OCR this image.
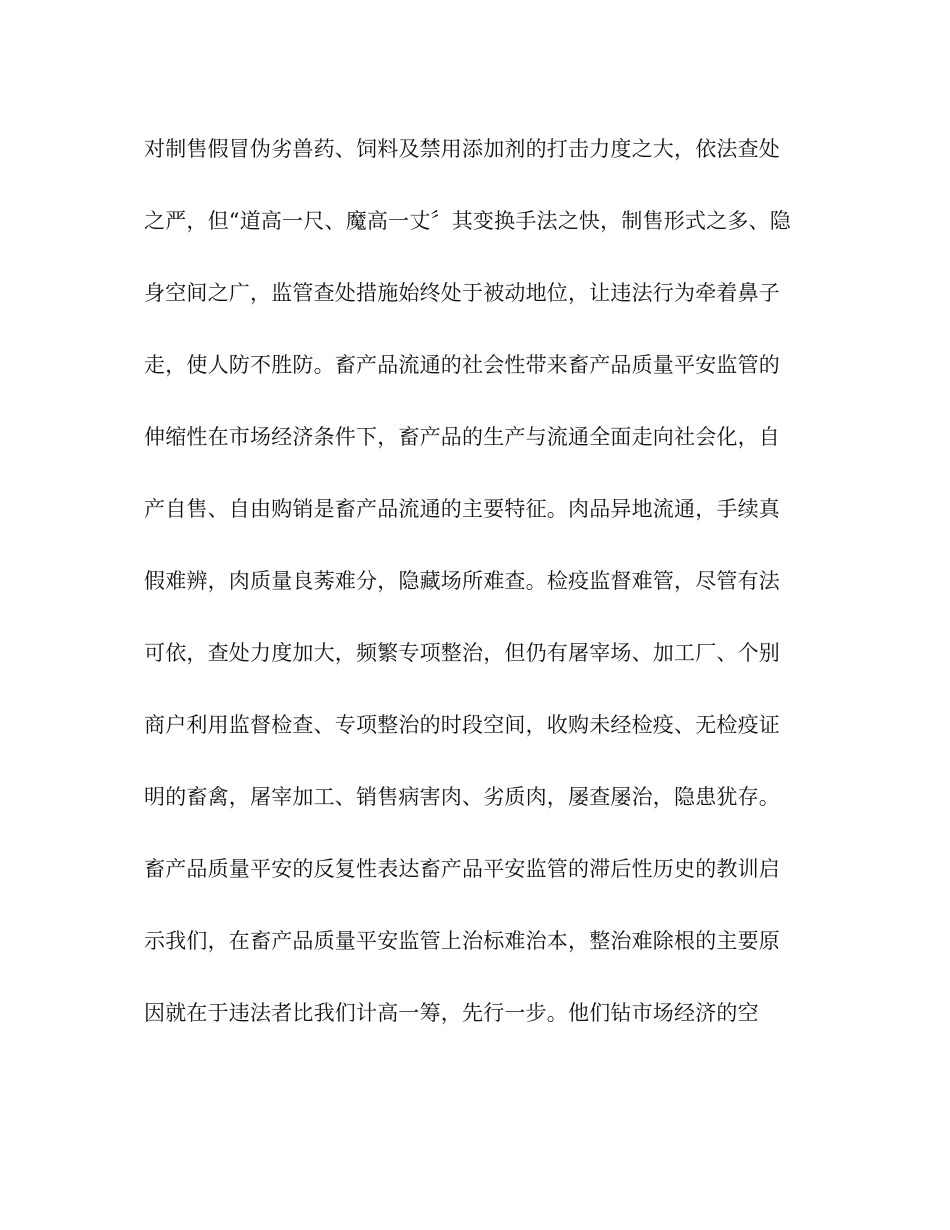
对制售假冒伪劣兽药、饲料及禁用添加剂的打击力度之大，依法查处
之严，但“道高一尺、魔高一丈〞其变换手法之快，制售形式之多、隐
身空间之广，监管查处措施始终处于被动地位，让违法行为牵着鼻子
走，使人防不胜防。畜产品流通的社会性带来畜产品质量平安监管的
伸缩性在市场经济条件下，畜产品的生产与流通全面走向社会化，自
产自售、自由购销是畜产品流通的主要特征。肉品异地流通，手续真
假难辨，肉质量良莠难分，隐藏场所难查。检疫监督难管，尽管有法
可依，查处力度加大，频繁专项整治，但仍有屠宰场、加工厂、个别
商户利用监督检查、专项整治的时段空间，收购未经检疫、无检疫证
明的畜禽，屠宰加工、销售病害肉、劣质肉，屡查屡治，隐患犹存。
畜产品质量平安的反复性表达畜产品平安监管的滞后性历史的教训启
示我们，在畜产品质量平安监管上治标难治本，整治难除根的主要原
因就在于违法者比我们计高一筹，先行一步。他们钻市场经济的空
